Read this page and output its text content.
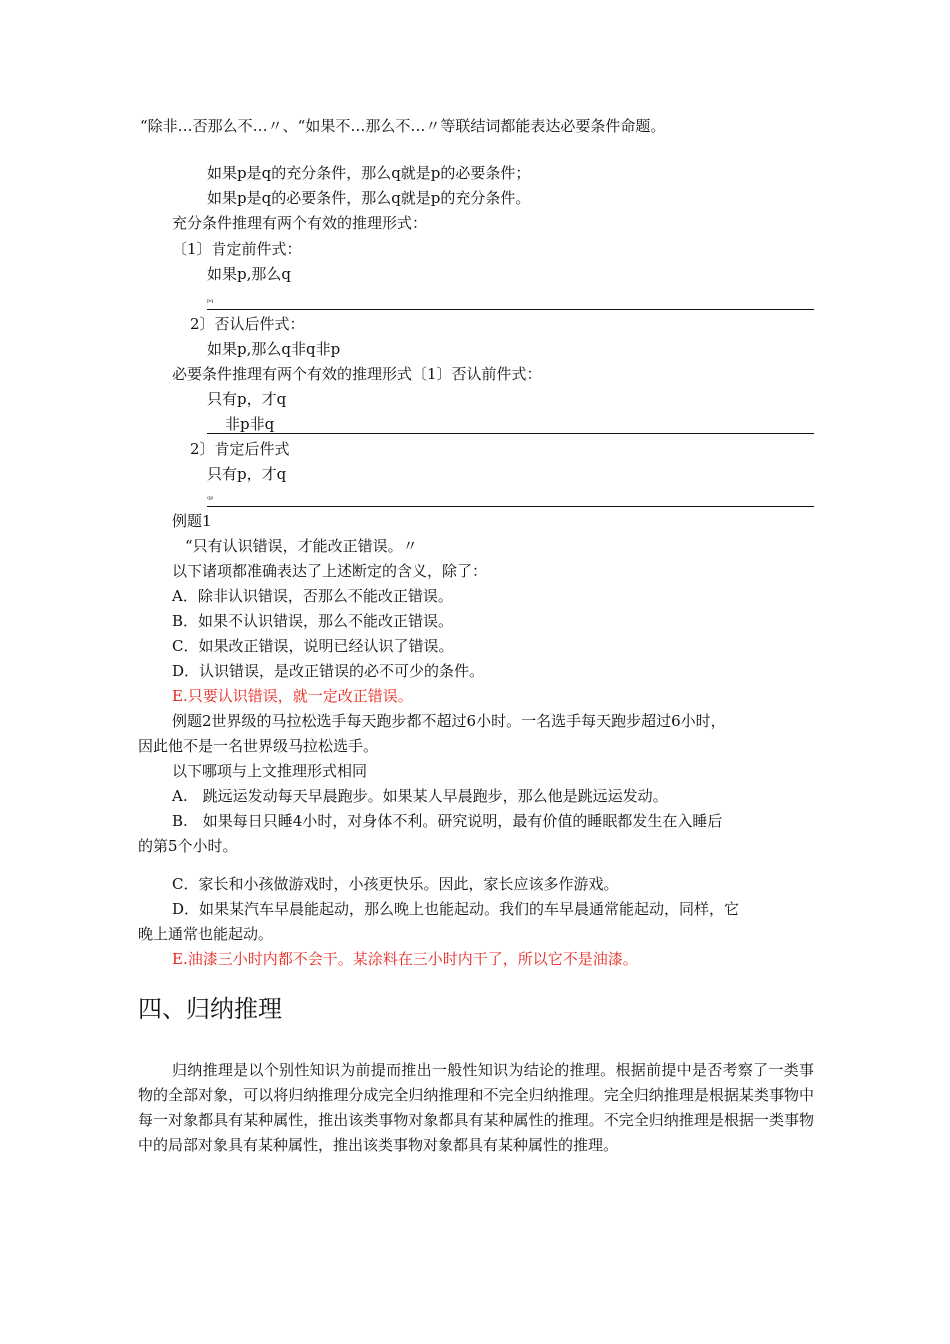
“除非…否那么不…〃、“如果不…那么不…〃等联结词都能表达必要条件命题。
如果p是q的充分条件，那么q就是p的必要条件；
如果p是q的必要条件，那么q就是p的充分条件。
充分条件推理有两个有效的推理形式：
〔1〕肯定前件式：
如果p,那么q
pq
2〕否认后件式：
如果p,那么q非q非p
必要条件推理有两个有效的推理形式〔1〕否认前件式：
只有p，才q
非p非q
2〕肯定后件式
只有p，才q
qp
例题1
“只有认识错误，才能改正错误。〃
以下诸项都准确表达了上述断定的含义，除了：
A．除非认识错误，否那么不能改正错误。
B．如果不认识错误，那么不能改正错误。
C．如果改正错误，说明已经认识了错误。
D．认识错误，是改正错误的必不可少的条件。
E.只要认识错误，就一定改正错误。
例题2世界级的马拉松选手每天跑步都不超过6小时。一名选手每天跑步超过6小时，
因此他不是一名世界级马拉松选手。
以下哪项与上文推理形式相同
A.　跳远运发动每天早晨跑步。如果某人早晨跑步，那么他是跳远运发动。
B.　如果每日只睡4小时，对身体不利。研究说明，最有价值的睡眠都发生在入睡后
的第5个小时。
C．家长和小孩做游戏时，小孩更快乐。因此，家长应该多作游戏。
D．如果某汽车早晨能起动，那么晚上也能起动。我们的车早晨通常能起动，同样，它
晚上通常也能起动。
E.油漆三小时内都不会干。某涂料在三小时内干了，所以它不是油漆。
四、归纳推理
归纳推理是以个别性知识为前提而推出一般性知识为结论的推理。根据前提中是否考察了一类事物的全部对象，可以将归纳推理分成完全归纳推理和不完全归纳推理。完全归纳推理是根据某类事物中每一对象都具有某种属性，推出该类事物对象都具有某种属性的推理。不完全归纳推理是根据一类事物中的局部对象具有某种属性，推出该类事物对象都具有某种属性的推理。
